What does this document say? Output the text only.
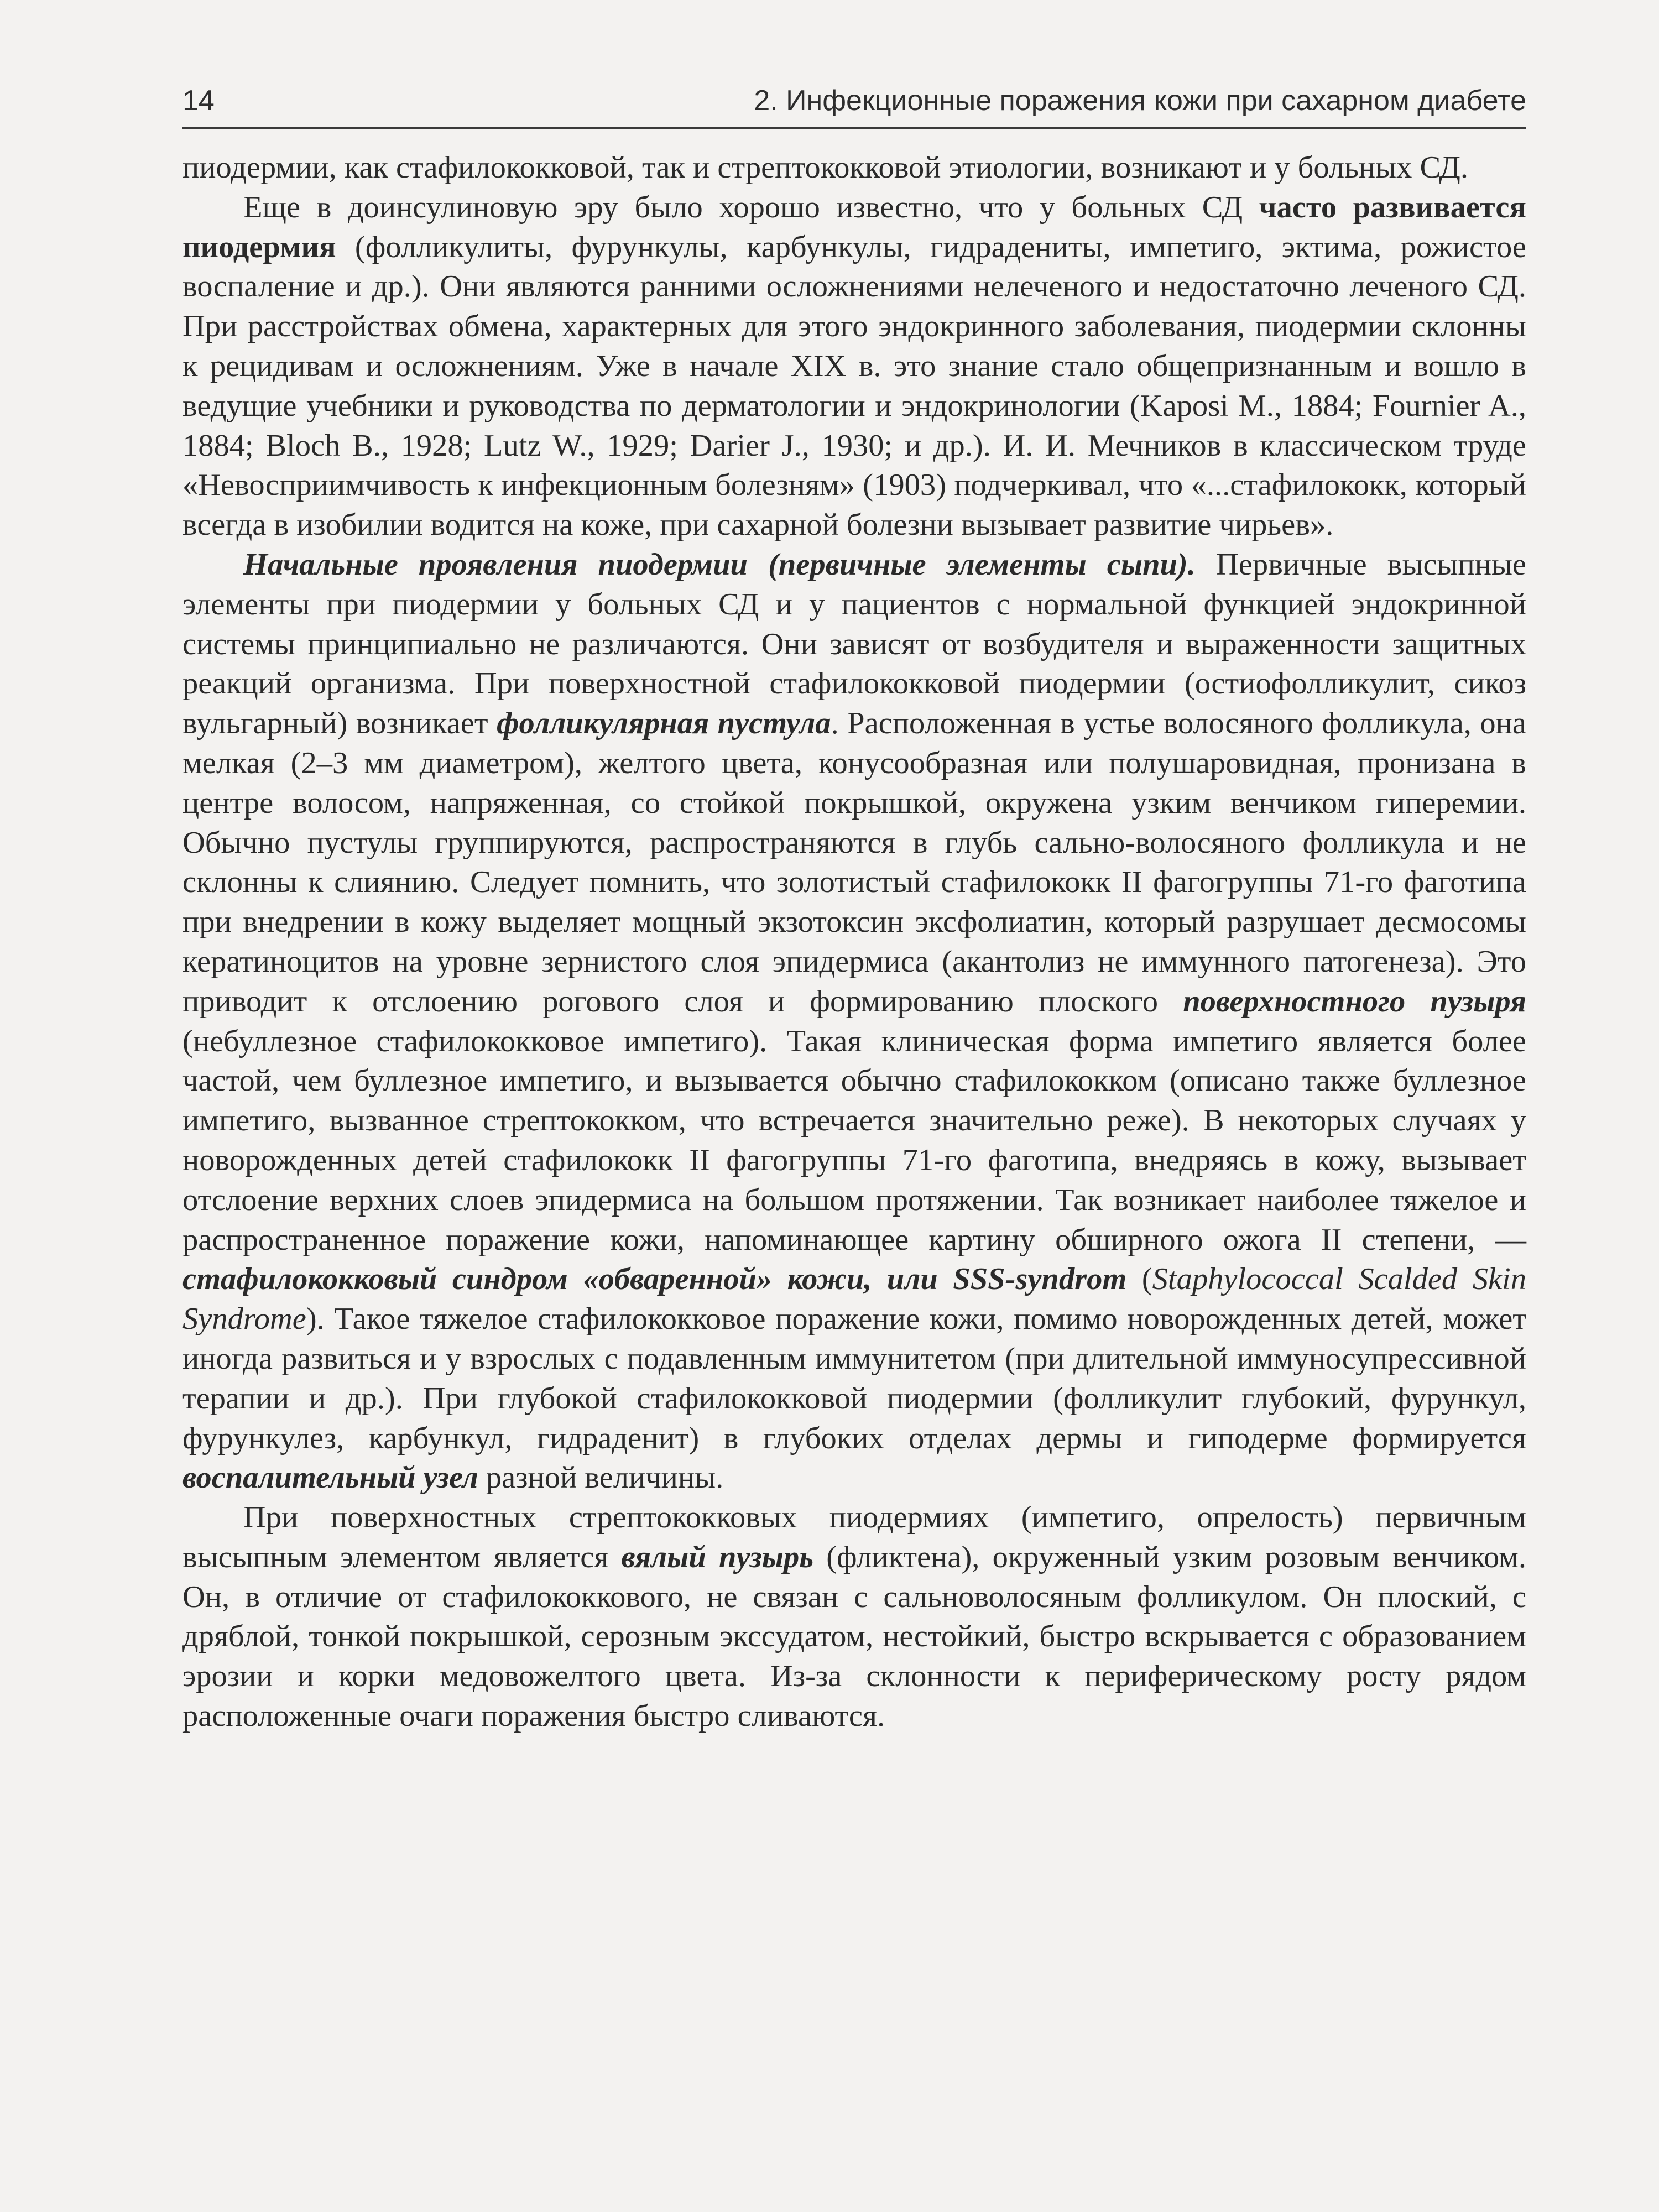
14	2. Инфекционные поражения кожи при сахарном диабете

пиодермии, как стафилококковой, так и стрептококковой этиологии, возникают и у больных СД.

Еще в доинсулиновую эру было хорошо известно, что у больных СД часто развивается пиодермия (фолликулиты, фурункулы, карбункулы, гидрадениты, импетиго, эктима, рожистое воспаление и др.). Они являются ранними осложнениями нелеченого и недостаточно леченого СД. При расстройствах обмена, характерных для этого эндокринного заболевания, пиодермии склонны к рецидивам и осложнениям. Уже в начале XIX в. это знание стало общепризнанным и вошло в ведущие учебники и руководства по дерматологии и эндокринологии (Kaposi M., 1884; Fournier A., 1884; Bloch B., 1928; Lutz W., 1929; Darier J., 1930; и др.). И. И. Мечников в классическом труде «Невосприимчивость к инфекционным болезням» (1903) подчеркивал, что «...стафилококк, который всегда в изобилии водится на коже, при сахарной болезни вызывает развитие чирьев».

Начальные проявления пиодермии (первичные элементы сыпи). Первичные высыпные элементы при пиодермии у больных СД и у пациентов с нормальной функцией эндокринной системы принципиально не различаются. Они зависят от возбудителя и выраженности защитных реакций организма. При поверхностной стафилококковой пиодермии (остиофолликулит, сикоз вульгарный) возникает фолликулярная пустула. Расположенная в устье волосяного фолликула, она мелкая (2–3 мм диаметром), желтого цвета, конусообразная или полушаровидная, пронизана в центре волосом, напряженная, со стойкой покрышкой, окружена узким венчиком гиперемии. Обычно пустулы группируются, распространяются в глубь сально-волосяного фолликула и не склонны к слиянию. Следует помнить, что золотистый стафилококк II фагогруппы 71-го фаготипа при внедрении в кожу выделяет мощный экзотоксин эксфолиатин, который разрушает десмосомы кератиноцитов на уровне зернистого слоя эпидермиса (акантолиз не иммунного патогенеза). Это приводит к отслоению рогового слоя и формированию плоского поверхностного пузыря (небуллезное стафилококковое импетиго). Такая клиническая форма импетиго является более частой, чем буллезное импетиго, и вызывается обычно стафилококком (описано также буллезное импетиго, вызванное стрептококком, что встречается значительно реже). В некоторых случаях у новорожденных детей стафилококк II фагогруппы 71-го фаготипа, внедряясь в кожу, вызывает отслоение верхних слоев эпидермиса на большом протяжении. Так возникает наиболее тяжелое и распространенное поражение кожи, напоминающее картину обширного ожога II степени, — стафилококковый синдром «обваренной» кожи, или SSS-syndrom (Staphylococcal Scalded Skin Syndrome). Такое тяжелое стафилококковое поражение кожи, помимо новорожденных детей, может иногда развиться и у взрослых с подавленным иммунитетом (при длительной иммуносупрессивной терапии и др.). При глубокой стафилококковой пиодермии (фолликулит глубокий, фурункул, фурункулез, карбункул, гидраденит) в глубоких отделах дермы и гиподерме формируется воспалительный узел разной величины.

При поверхностных стрептококковых пиодермиях (импетиго, опрелость) первичным высыпным элементом является вялый пузырь (фликтена), окруженный узким розовым венчиком. Он, в отличие от стафилококкового, не связан с сальноволосяным фолликулом. Он плоский, с дряблой, тонкой покрышкой, серозным экссудатом, нестойкий, быстро вскрывается с образованием эрозии и корки медовожелтого цвета. Из-за склонности к периферическому росту рядом расположенные очаги поражения быстро сливаются.
